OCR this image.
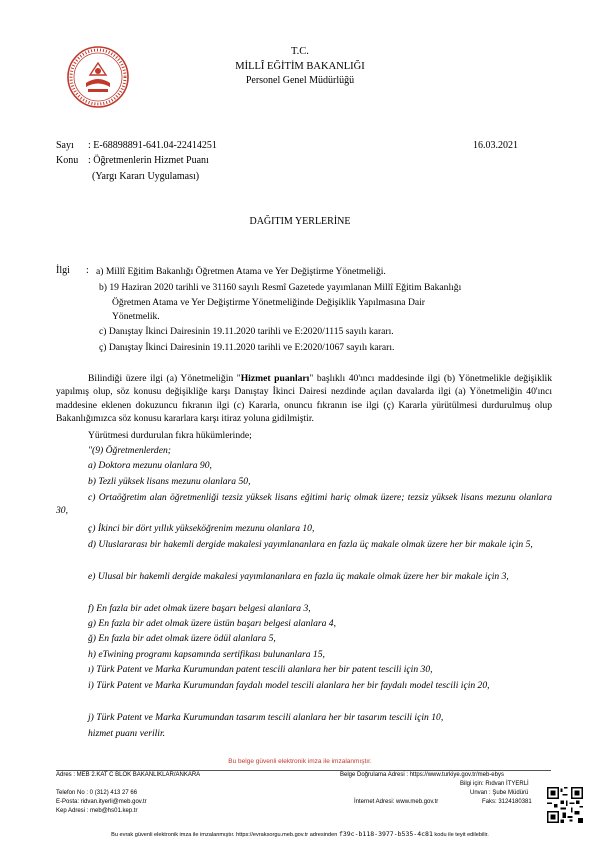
T.C.
MİLLÎ EĞİTİM BAKANLIĞI
Personel Genel Müdürlüğü
Sayı : E-68898891-641.04-22414251	16.03.2021
Konu : Öğretmenlerin Hizmet Puanı
(Yargı Kararı Uygulaması)
DAĞITIM YERLERİNE
İlgi : a) Millî Eğitim Bakanlığı Öğretmen Atama ve Yer Değiştirme Yönetmeliği.
b) 19 Haziran 2020 tarihli ve 31160 sayılı Resmî Gazetede yayımlanan Millî Eğitim Bakanlığı
Öğretmen Atama ve Yer Değiştirme Yönetmeliğinde Değişiklik Yapılmasına Dair
Yönetmelik.
c) Danıştay İkinci Dairesinin 19.11.2020 tarihli ve E:2020/1115 sayılı kararı.
ç) Danıştay İkinci Dairesinin 19.11.2020 tarihli ve E:2020/1067 sayılı kararı.
Bilindiği üzere ilgi (a) Yönetmeliğin "Hizmet puanları" başlıklı 40'ıncı maddesinde ilgi (b) Yönetmelikle değişiklik yapılmış olup, söz konusu değişikliğe karşı Danıştay İkinci Dairesi nezdinde açılan davalarda ilgi (a) Yönetmeliğin 40'ıncı maddesine eklenen dokuzuncu fıkranın ilgi (c) Kararla, onuncu fıkranın ise ilgi (ç) Kararla yürütülmesi durdurulmuş olup Bakanlığımızca söz konusu kararlara karşı itiraz yoluna gidilmiştir.
Yürütmesi durdurulan fıkra hükümlerinde;
"(9) Öğretmenlerden;
a) Doktora mezunu olanlara 90,
b) Tezli yüksek lisans mezunu olanlara 50,
c) Ortaöğretim alan öğretmenliği tezsiz yüksek lisans eğitimi hariç olmak üzere; tezsiz yüksek lisans mezunu olanlara 30,
ç) İkinci bir dört yıllık yükseköğrenim mezunu olanlara 10,
d) Uluslararası bir hakemli dergide makalesi yayımlananlara en fazla üç makale olmak üzere her bir makale için 5,
e) Ulusal bir hakemli dergide makalesi yayımlananlara en fazla üç makale olmak üzere her bir makale için 3,
f) En fazla bir adet olmak üzere başarı belgesi alanlara 3,
g) En fazla bir adet olmak üzere üstün başarı belgesi alanlara 4,
ğ) En fazla bir adet olmak üzere ödül alanlara 5,
h) eTwining programı kapsamında sertifikası bulunanlara 15,
ı) Türk Patent ve Marka Kurumundan patent tescili alanlara her bir patent tescili için 30,
i) Türk Patent ve Marka Kurumundan faydalı model tescili alanlara her bir faydalı model tescili için 20,
j) Türk Patent ve Marka Kurumundan tasarım tescili alanlara her bir tasarım tescili için 10,
hizmet puanı verilir.
Bu belge güvenli elektronik imza ile imzalanmıştır.
Adres : MEB 2.KAT C BLOK BAKANLIKLAR/ANKARA	Belge Doğrulama Adresi : https://www.turkiye.gov.tr/meb-ebys
Bilgi için: Rıdvan İTYERLİ
Unvan : Şube Müdürü
Telefon No : 0 (312) 413 27 66
E-Posta: ridvan.ityerli@meb.gov.tr	İnternet Adresi: www.meb.gov.tr	Faks: 3124180381
Kep Adresi : meb@hs01.kep.tr
Bu evrak güvenli elektronik imza ile imzalanmıştır. https://evraksorgu.meb.gov.tr adresinden f39c-b118-3977-b535-4c81 kodu ile teyit edilebilir.
